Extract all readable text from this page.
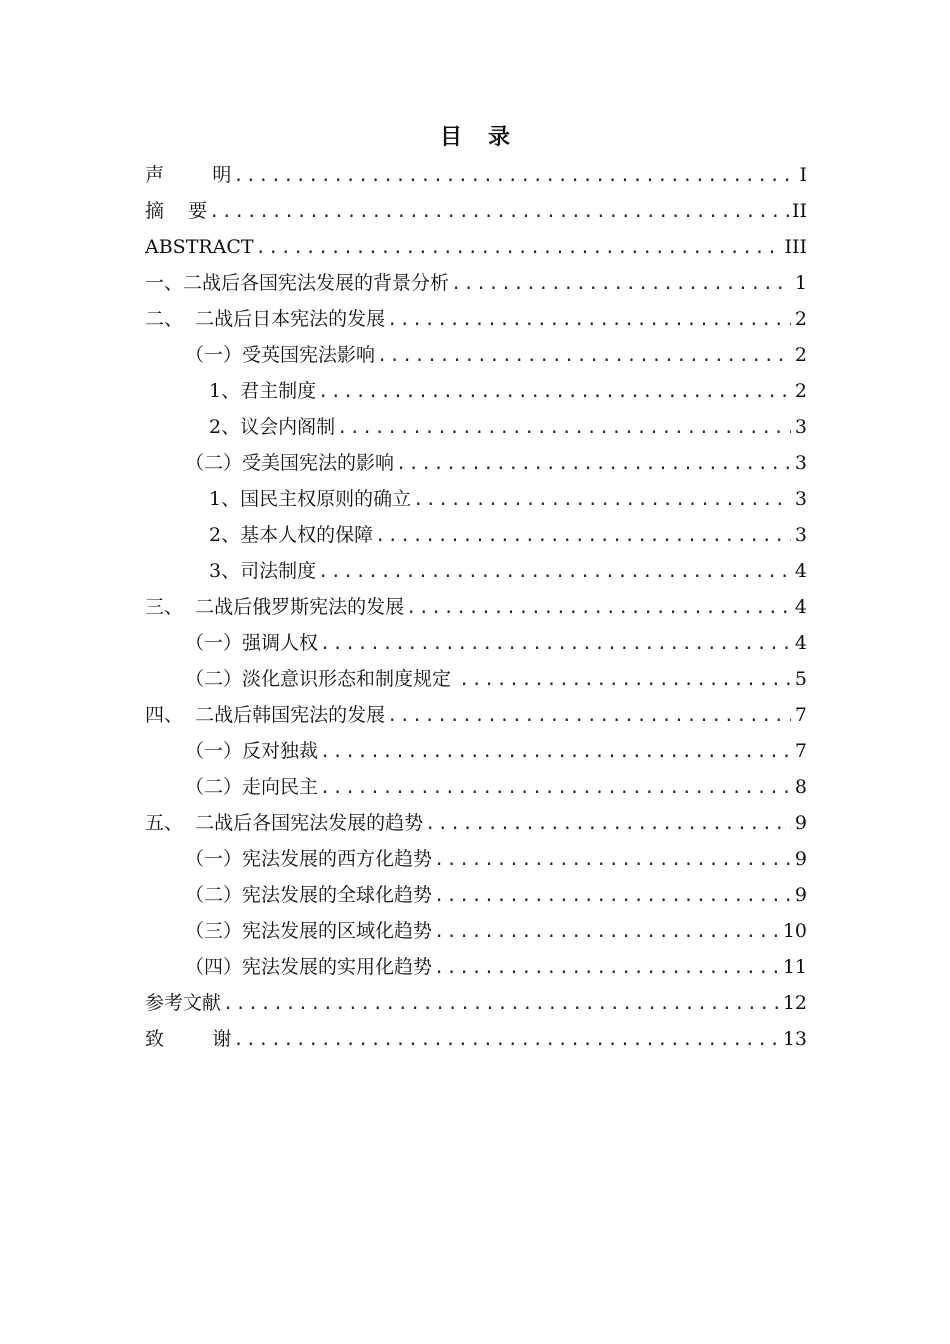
目 录
声        明 . . .	I
摘    要 . . .	II
ABSTRACT . . .	III
一、二战后各国宪法发展的背景分析 . . .	1
二、  二战后日本宪法的发展 . . .	2
（一）受英国宪法影响 . . .	2
1、君主制度 . . .	2
2、议会内阁制 . . .	3
（二）受美国宪法的影响 . . .	3
1、国民主权原则的确立 . . .	3
2、基本人权的保障 . . .	3
3、司法制度 . . .	4
三、  二战后俄罗斯宪法的发展 . . .	4
（一）强调人权 . . .	4
（二）淡化意识形态和制度规定 . . .	5
四、  二战后韩国宪法的发展 . . .	7
（一）反对独裁 . . .	7
（二）走向民主 . . .	8
五、  二战后各国宪法发展的趋势 . . .	9
（一）宪法发展的西方化趋势 . . .	9
（二）宪法发展的全球化趋势 . . .	9
（三）宪法发展的区域化趋势 . . .	10
（四）宪法发展的实用化趋势 . . .	11
参考文献 . . .	12
致        谢 . . .	13
